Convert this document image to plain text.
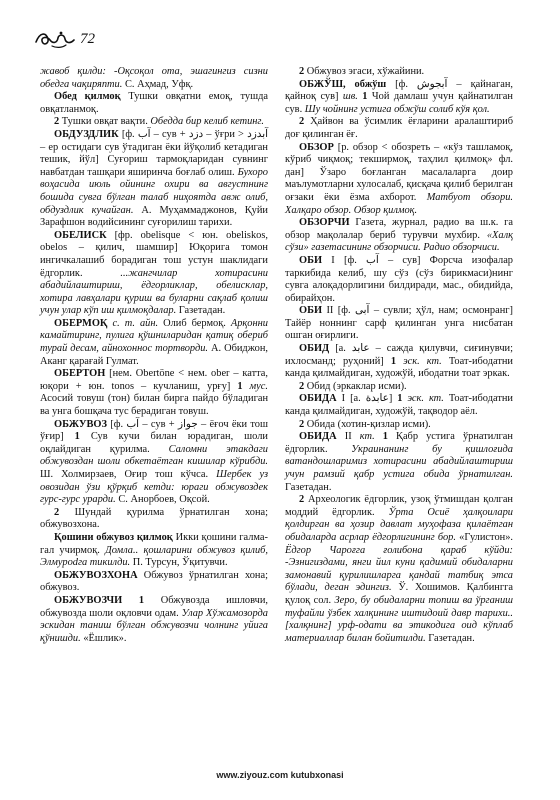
72

жавоб қилди: -Оқсоқол ота, эшагингиз сизни обедга чақиряпти. С. Аҳмад, Уфқ.

Обед қилмоқ Тушки овқатни емоқ, тушда овқатланмоқ.

2 Тушки овқат вақти. Обедда бир келиб кетинг.

ОБДУЗДЛИК [ф. آب – сув + دزد – ўғри > آبدزد – ер остидаги сув ўтадиган ёки йўқолиб кетадиган тешик, йўл] Суғориш тармоқларидан сувнинг навбатдан ташқари яширинча боғлаб олиш. Бухоро воҳасида июль ойининг охири ва августнинг бошида сувга бўлган талаб ниҳоятда авж олиб, обдуздлик кучайган. А. Муҳаммаджонов, Қуйи Зарафшон водийсининг суғорилиш тарихи.

ОБЕЛИСК [фр. obelisque < юн. obeliskos, obelos – қилич, шамшир] Юқорига томон ингичкалашиб борадиган тош устун шаклидаги ёдгорлик. ...жангчилар хотирасини абадийлаштириш, ёдгорликлар, обелисклар, хотира лавҳалари қуриш ва буларни сақлаб қолиш учун улар кўп иш қилмоқдалар. Газетадан.

ОБЕРМОҚ с. т. айн. Олиб бермоқ. Арқонни камайтиринг, пулига қўшниларидан қатиқ обериб турай десам, айнохоннос тортворди. А. Обиджон, Аканг қарағай Гулмат.

ОБЕРТОН [нем. Obertöne < нем. ober – катта, юқори + юн. tonos – кучланиш, урғу] 1 мус. Асосий товуш (тон) билан бирга пайдо бўладиган ва унга бошқача тус берадиган товуш.

ОБЖУВОЗ [ф. آب – сув + جواز – ёғоч ёки тош ўғир] 1 Сув кучи билан юрадиган, шоли оқлайдиган қурилма. Саломни этакдаги обжувоздан шоли обкетаётган кишилар кўрибди. Ш. Холмирзаев, Оғир тош кўчса. Шербек уз овозидан ўзи қўрқиб кетди: юраги обжувоздек гурс-гурс урарди. С. Анорбоев, Оқсой.

2 Шундай қурилма ўрнатилган хона; обжувозхона.

Қошини обжувоз қилмоқ Икки қошини галма-гал учирмоқ. Домла.. қошларини обжувоз қилиб, Элмурodга тикилди. П. Турсун, Ўқитувчи.

ОБЖУВОЗХОНА Обжувоз ўрнатилган хона; обжувоз.

ОБЖУВОЗЧИ 1 Обжувозда ишловчи, обжувозда шоли оқловчи одам. Улар Хўжамозорда эскидан таниш бўлган обжувозчи чолнинг уйига қўнишди. «Ёшлик».

2 Обжувоз эгаси, хўжайини.

ОБЖЎШ, обжўш [ф. آبجوش – қайнаган, қайноқ сув] шв. 1 Чой дамлаш учун қайнатилган сув. Шу чойнинг устига обжўш солиб кўя қол.

2 Ҳайвон ва ўсимлик ёғларини аралаштириб доғ қилинган ёғ.

ОБЗОР [р. обзор < обозреть – «кўз ташламоқ, кўриб чиқмоқ; текширмоқ, таҳлил қилмоқ» фл. дан] Ўзаро боғланган масалаларга доир маълумотларни хулосалаб, қисқача қилиб берилган оғзаки ёки ёзма ахборот. Матбуот обзори. Халқаро обзор. Обзор қилмоқ.

ОБЗОРЧИ Газета, журнал, радио ва ш.к. га обзор мақолалар бериб турувчи мухбир. «Халқ сўзи» газетасининг обзорчиси. Радио обзорчиси.

ОБИ I [ф. آب – сув] Форсча изофалар таркибида келиб, шу сўз (сўз бирикмаси)нинг сувга алоқадорлигини билдиради, мас., обидийда, обирайҳон.

ОБИ II [ф. آبی – сувли; ҳўл, нам; осмонранг] Тайёр ноннинг сарф қилинган унга нисбатан ошган оғирлиги.

ОБИД [а. عابد – сажда қилувчи, сиғинувчи; ихлосманд; руҳоний] 1 эск. кт. Тоат-ибодатни канда қилмайдиган, художўй, ибодатни тоат эркак.

2 Обид (эркаклар исми).

ОБИДА I [а. عابدة] 1 эск. кт. Тоат-ибодатни канда қилмайдиган, художўй, тақводор аёл.

2 Обида (хотин-қизлар исми).

ОБИДА II кт. 1 Қабр устига ўрнатилган ёдгорлик. Украинанинг бу қишлоғида ватандошларимиз хотирасини абадийлаштириш учун рамзий қабр устига обида ўрнатилган. Газетадан.

2 Археологик ёдгорлик, узоқ ўтмишдан қолган моддий ёдгорлик. Ўрта Осиё ҳалқоилари қолдирган ва ҳозир давлат муҳофаза қилаётган обидаларда асрлар ёдгорлигининг бор. «Гулистон». Ёдгор Чароғга ғолибона қараб кўйди: -Эзнигиздами, янги йил куни қадимий обидаларни замонавий қурилишларга қандай татбиқ этса бўлади, деган эдингиз. Ў. Хошимов. Қалбингга қулоқ сол. Зеро, бу обидаларни топиш ва ўрганиш туфайли ўзбек халқининг иштидоий давр тарихи.. [халқнинг] урф-одати ва этикодига оид кўплаб материаллар билан бойитилди. Газетадан.

www.ziyouz.com kutubxonasi
